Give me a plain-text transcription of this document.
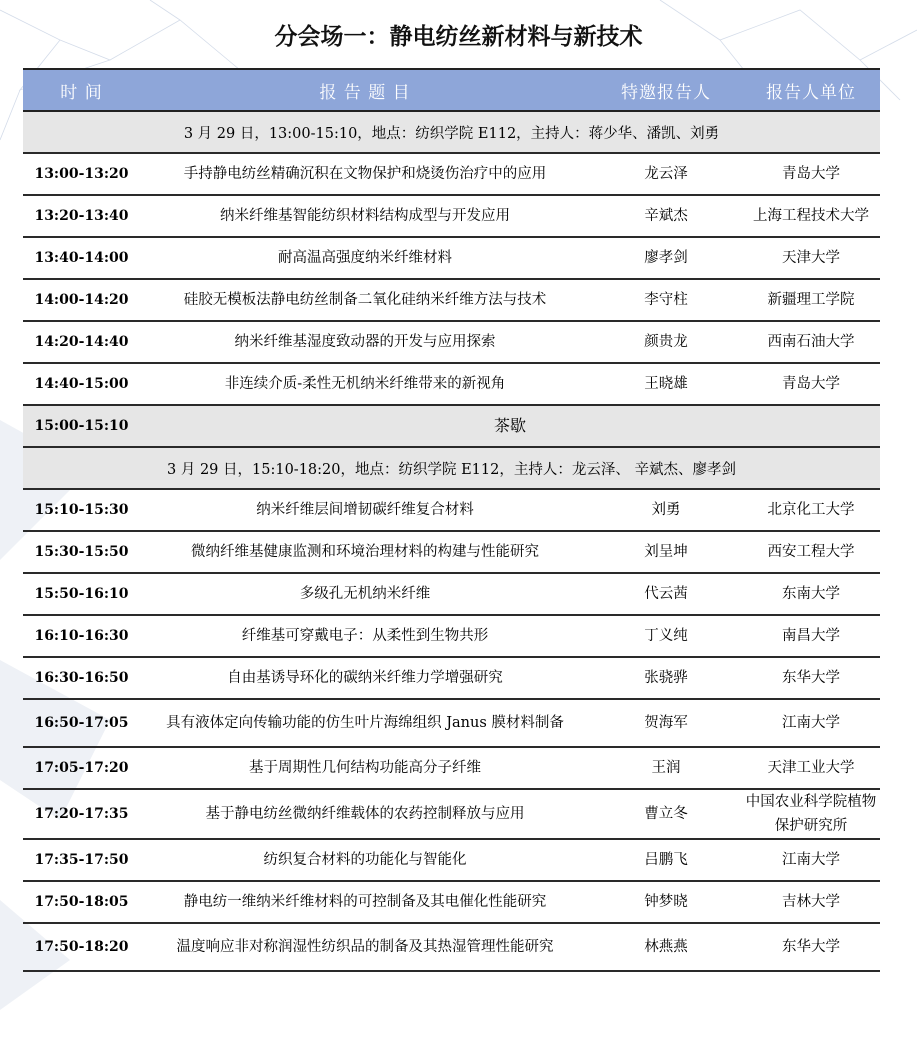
分会场一：静电纺丝新材料与新技术
时 间	报 告 题 目	特邀报告人	报告人单位
3 月 29 日，13:00-15:10，地点：纺织学院 E112，主持人：蒋少华、潘凯、刘勇			
13:00-13:20	手持静电纺丝精确沉积在文物保护和烧烫伤治疗中的应用	龙云泽	青岛大学
13:20-13:40	纳米纤维基智能纺织材料结构成型与开发应用	辛斌杰	上海工程技术大学
13:40-14:00	耐高温高强度纳米纤维材料	廖孝剑	天津大学
14:00-14:20	硅胶无模板法静电纺丝制备二氧化硅纳米纤维方法与技术	李守柱	新疆理工学院
14:20-14:40	纳米纤维基湿度致动器的开发与应用探索	颜贵龙	西南石油大学
14:40-15:00	非连续介质-柔性无机纳米纤维带来的新视角	王晓雄	青岛大学
15:00-15:10	茶歇		
3 月 29 日，15:10-18:20，地点：纺织学院 E112，主持人：龙云泽、 辛斌杰、廖孝剑			
15:10-15:30	纳米纤维层间增韧碳纤维复合材料	刘勇	北京化工大学
15:30-15:50	微纳纤维基健康监测和环境治理材料的构建与性能研究	刘呈坤	西安工程大学
15:50-16:10	多级孔无机纳米纤维	代云茜	东南大学
16:10-16:30	纤维基可穿戴电子：从柔性到生物共形	丁义纯	南昌大学
16:30-16:50	自由基诱导环化的碳纳米纤维力学增强研究	张骁骅	东华大学
16:50-17:05	具有液体定向传输功能的仿生叶片海绵组织 Janus 膜材料制备	贺海军	江南大学
17:05-17:20	基于周期性几何结构功能高分子纤维	王润	天津工业大学
17:20-17:35	基于静电纺丝微纳纤维载体的农药控制释放与应用	曹立冬	中国农业科学院植物保护研究所
17:35-17:50	纺织复合材料的功能化与智能化	吕鹏飞	江南大学
17:50-18:05	静电纺一维纳米纤维材料的可控制备及其电催化性能研究	钟梦晓	吉林大学
17:50-18:20	温度响应非对称润湿性纺织品的制备及其热湿管理性能研究	林燕燕	东华大学
